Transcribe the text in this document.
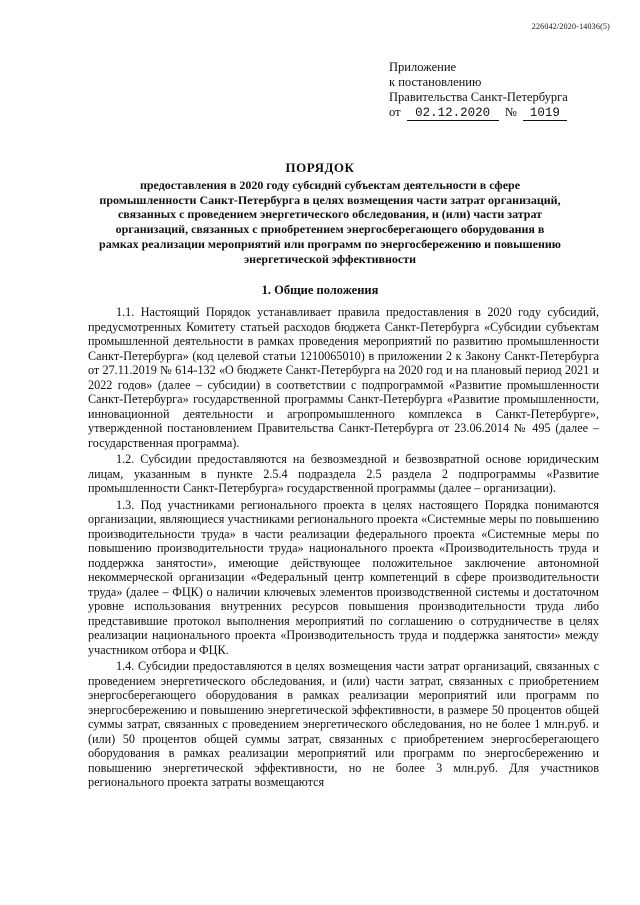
226042/2020-14036(5)
Приложение
к постановлению
Правительства Санкт-Петербурга
от 02.12.2020 № 1019
ПОРЯДОК
предоставления в 2020 году субсидий субъектам деятельности в сфере промышленности Санкт-Петербурга в целях возмещения части затрат организаций, связанных с проведением энергетического обследования, и (или) части затрат организаций, связанных с приобретением энергосберегающего оборудования в рамках реализации мероприятий или программ по энергосбережению и повышению энергетической эффективности
1. Общие положения

1.1. Настоящий Порядок устанавливает правила предоставления в 2020 году субсидий, предусмотренных Комитету статьей расходов бюджета Санкт-Петербурга «Субсидии субъектам промышленной деятельности в рамках проведения мероприятий по развитию промышленности Санкт-Петербурга» (код целевой статьи 1210065010) в приложении 2 к Закону Санкт-Петербурга от 27.11.2019 № 614-132 «О бюджете Санкт-Петербурга на 2020 год и на плановый период 2021 и 2022 годов» (далее – субсидии) в соответствии с подпрограммой «Развитие промышленности Санкт-Петербурга» государственной программы Санкт-Петербурга «Развитие промышленности, инновационной деятельности и агропромышленного комплекса в Санкт-Петербурге», утвержденной постановлением Правительства Санкт-Петербурга от 23.06.2014 № 495 (далее – государственная программа).

1.2. Субсидии предоставляются на безвозмездной и безвозвратной основе юридическим лицам, указанным в пункте 2.5.4 подраздела 2.5 раздела 2 подпрограммы «Развитие промышленности Санкт-Петербурга» государственной программы (далее – организации).

1.3. Под участниками регионального проекта в целях настоящего Порядка понимаются организации, являющиеся участниками регионального проекта «Системные меры по повышению производительности труда» в части реализации федерального проекта «Системные меры по повышению производительности труда» национального проекта «Производительность труда и поддержка занятости», имеющие действующее положительное заключение автономной некоммерческой организации «Федеральный центр компетенций в сфере производительности труда» (далее – ФЦК) о наличии ключевых элементов производственной системы и достаточном уровне использования внутренних ресурсов повышения производительности труда либо представившие протокол выполнения мероприятий по соглашению о сотрудничестве в целях реализации национального проекта «Производительность труда и поддержка занятости» между участником отбора и ФЦК.

1.4. Субсидии предоставляются в целях возмещения части затрат организаций, связанных с проведением энергетического обследования, и (или) части затрат, связанных с приобретением энергосберегающего оборудования в рамках реализации мероприятий или программ по энергосбережению и повышению энергетической эффективности, в размере 50 процентов общей суммы затрат, связанных с проведением энергетического обследования, но не более 1 млн.руб. и (или) 50 процентов общей суммы затрат, связанных с приобретением энергосберегающего оборудования в рамках реализации мероприятий или программ по энергосбережению и повышению энергетической эффективности, но не более 3 млн.руб. Для участников регионального проекта затраты возмещаются
